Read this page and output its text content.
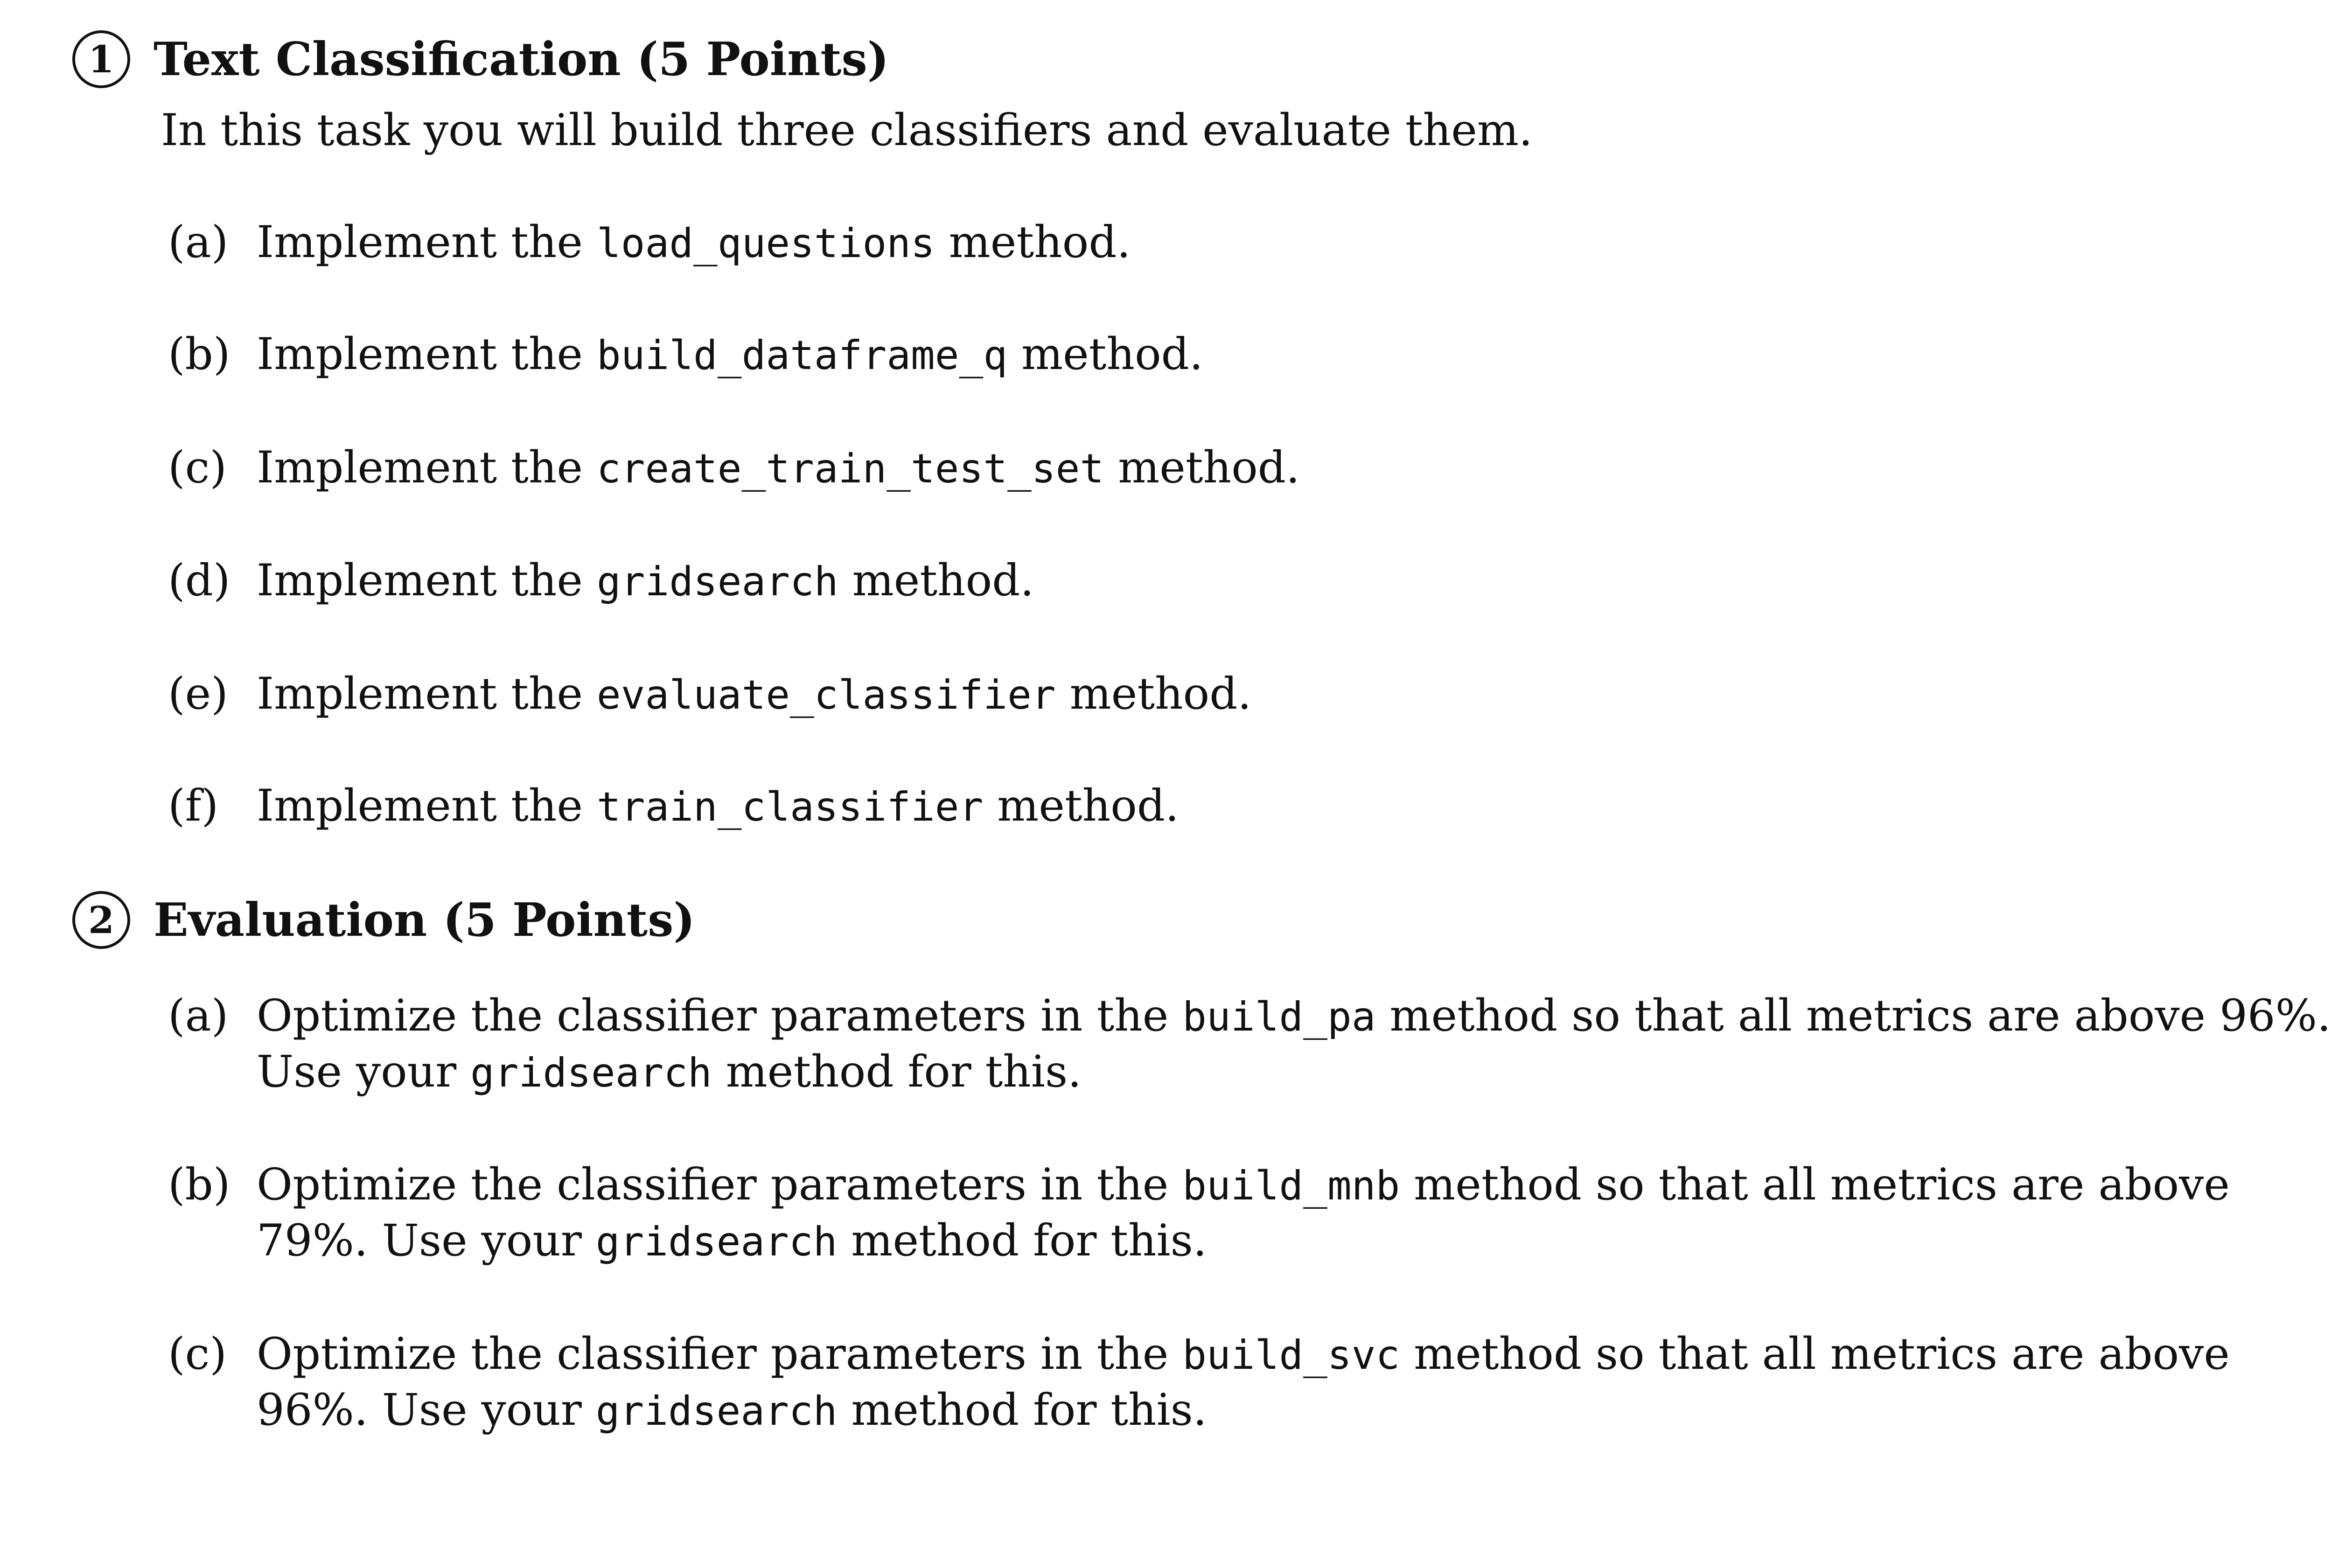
1 Text Classification (5 Points)
In this task you will build three classifiers and evaluate them.
(a) Implement the load_questions method.
(b) Implement the build_dataframe_q method.
(c) Implement the create_train_test_set method.
(d) Implement the gridsearch method.
(e) Implement the evaluate_classifier method.
(f) Implement the train_classifier method.
2 Evaluation (5 Points)
(a) Optimize the classifier parameters in the build_pa method so that all metrics are above 96%.
Use your gridsearch method for this.
(b) Optimize the classifier parameters in the build_mnb method so that all metrics are above
79%. Use your gridsearch method for this.
(c) Optimize the classifier parameters in the build_svc method so that all metrics are above
96%. Use your gridsearch method for this.
